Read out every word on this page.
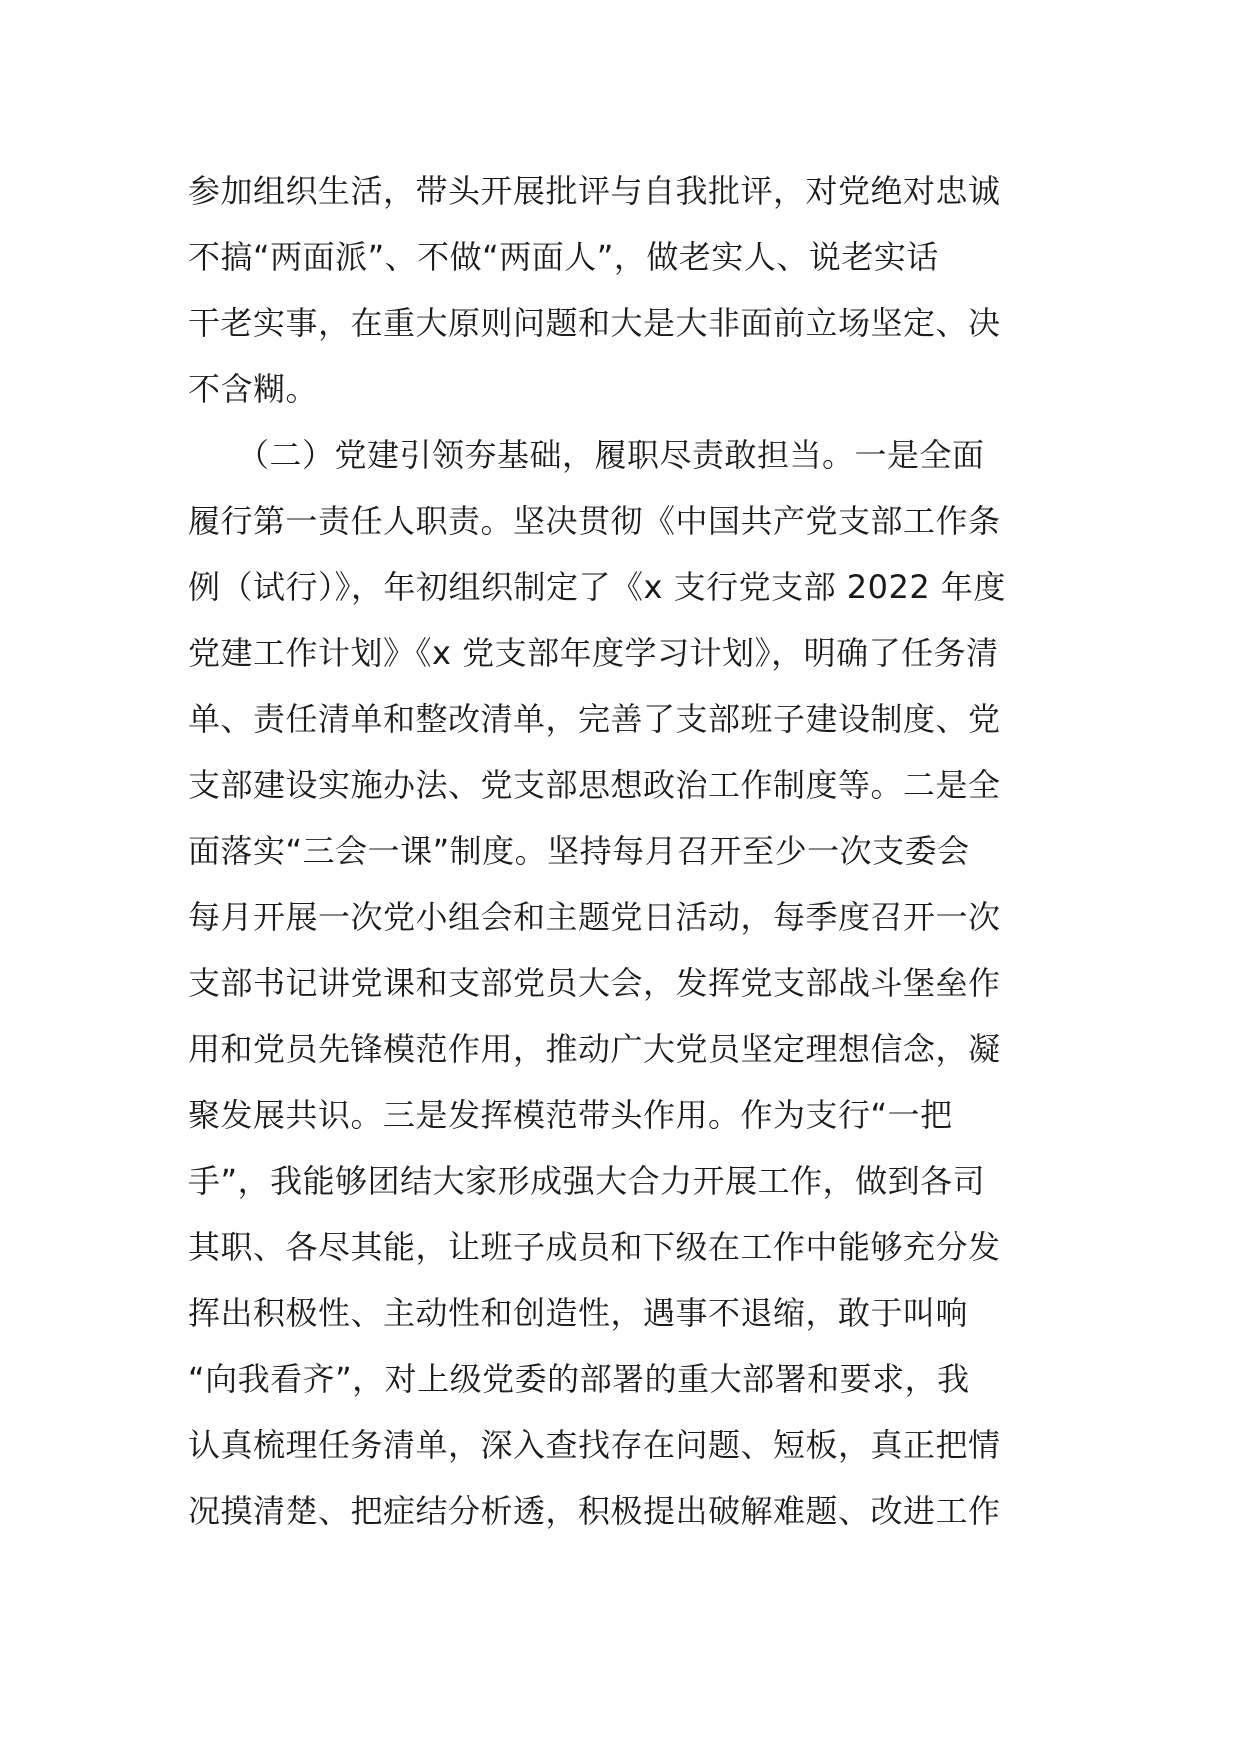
参加组织生活，带头开展批评与自我批评，对党绝对忠诚
不搞“两面派”、不做“两面人”，做老实人、说老实话
干老实事，在重大原则问题和大是大非面前立场坚定、决
不含糊。
　　（二）党建引领夯基础，履职尽责敢担当。一是全面
履行第一责任人职责。坚决贯彻《中国共产党支部工作条
例（试行）》，年初组织制定了《x 支行党支部 2022 年度
党建工作计划》《x 党支部年度学习计划》，明确了任务清
单、责任清单和整改清单，完善了支部班子建设制度、党
支部建设实施办法、党支部思想政治工作制度等。二是全
面落实“三会一课”制度。坚持每月召开至少一次支委会
每月开展一次党小组会和主题党日活动，每季度召开一次
支部书记讲党课和支部党员大会，发挥党支部战斗堡垒作
用和党员先锋模范作用，推动广大党员坚定理想信念，凝
聚发展共识。三是发挥模范带头作用。作为支行“一把
手”，我能够团结大家形成强大合力开展工作，做到各司
其职、各尽其能，让班子成员和下级在工作中能够充分发
挥出积极性、主动性和创造性，遇事不退缩，敢于叫响
“向我看齐”，对上级党委的部署的重大部署和要求，我
认真梳理任务清单，深入查找存在问题、短板，真正把情
况摸清楚、把症结分析透，积极提出破解难题、改进工作
